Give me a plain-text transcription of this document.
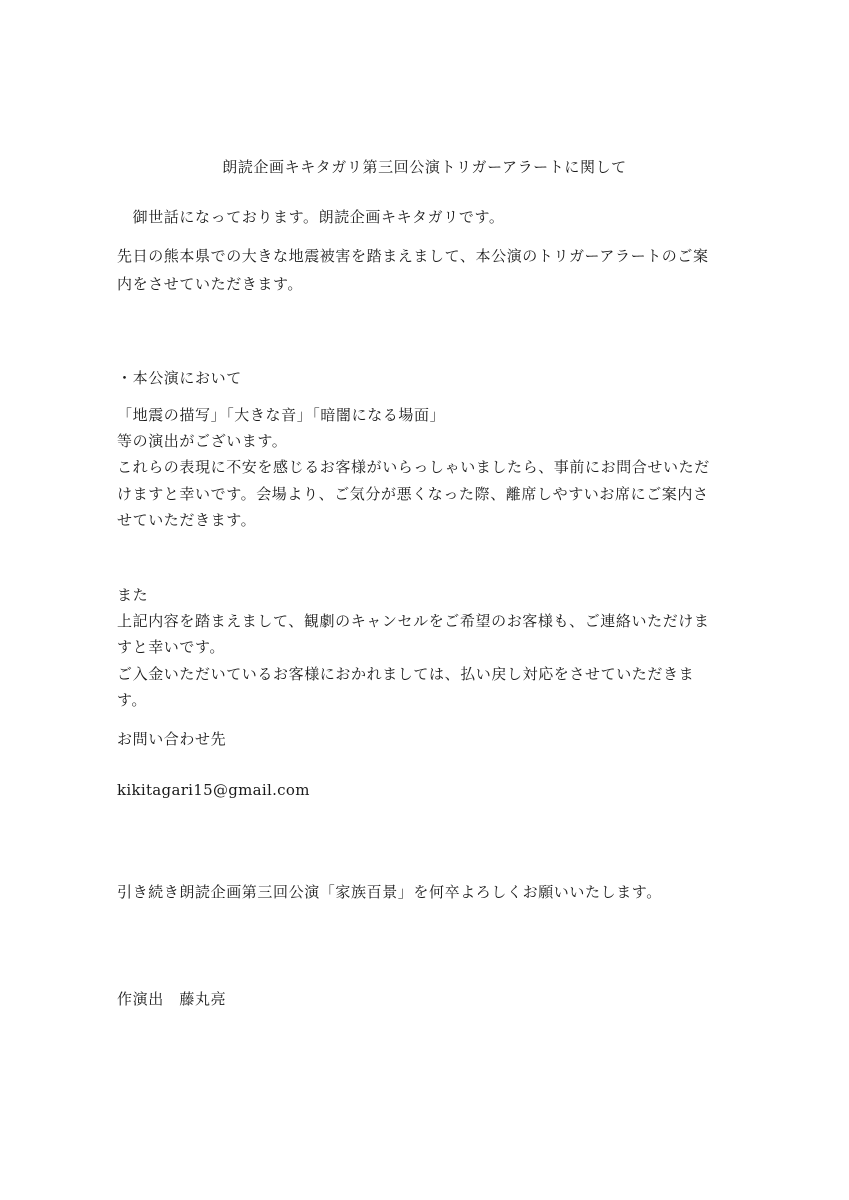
朗読企画キキタガリ第三回公演トリガーアラートに関して
　御世話になっております。朗読企画キキタガリです。
先日の熊本県での大きな地震被害を踏まえまして、本公演のトリガーアラートのご案
内をさせていただきます。
・本公演において
「地震の描写」「大きな音」「暗闇になる場面」
等の演出がございます。
これらの表現に不安を感じるお客様がいらっしゃいましたら、事前にお問合せいただ
けますと幸いです。会場より、ご気分が悪くなった際、離席しやすいお席にご案内さ
せていただきます。
また
上記内容を踏まえまして、観劇のキャンセルをご希望のお客様も、ご連絡いただけま
すと幸いです。
ご入金いただいているお客様におかれましては、払い戻し対応をさせていただきま
す。
お問い合わせ先
kikitagari15@gmail.com
引き続き朗読企画第三回公演「家族百景」を何卒よろしくお願いいたします。
作演出　藤丸亮
